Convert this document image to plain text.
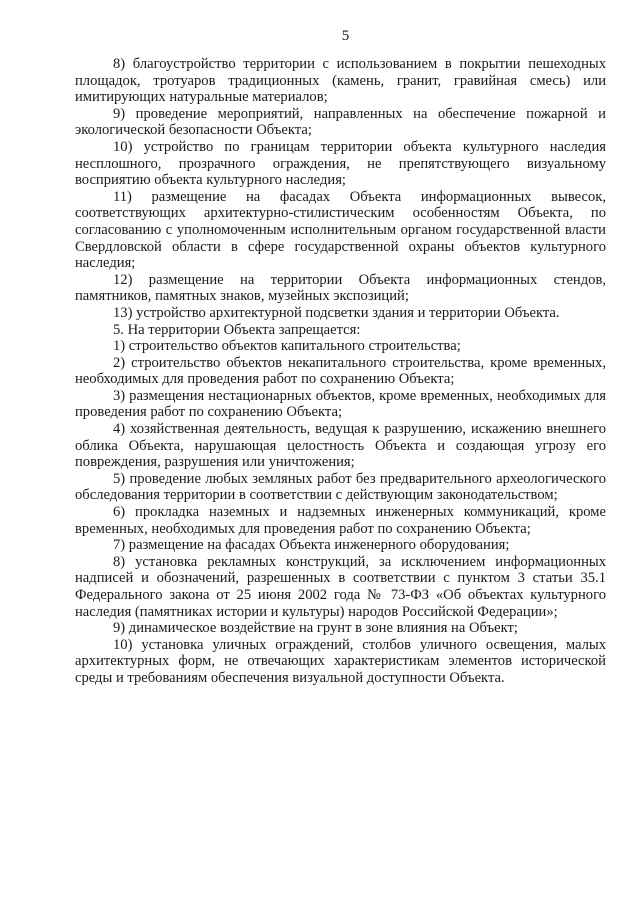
5

8) благоустройство территории с использованием в покрытии пешеходных площадок, тротуаров традиционных (камень, гранит, гравийная смесь) или имитирующих натуральные материалов;

9) проведение мероприятий, направленных на обеспечение пожарной и экологической безопасности Объекта;

10) устройство по границам территории объекта культурного наследия несплошного, прозрачного ограждения, не препятствующего визуальному восприятию объекта культурного наследия;

11) размещение на фасадах Объекта информационных вывесок, соответствующих архитектурно-стилистическим особенностям Объекта, по согласованию с уполномоченным исполнительным органом государственной власти Свердловской области в сфере государственной охраны объектов культурного наследия;

12) размещение на территории Объекта информационных стендов, памятников, памятных знаков, музейных экспозиций;

13) устройство архитектурной подсветки здания и территории Объекта.

5. На территории Объекта запрещается:

1) строительство объектов капитального строительства;

2) строительство объектов некапитального строительства, кроме временных, необходимых для проведения работ по сохранению Объекта;

3) размещения нестационарных объектов, кроме временных, необходимых для проведения работ по сохранению Объекта;

4) хозяйственная деятельность, ведущая к разрушению, искажению внешнего облика Объекта, нарушающая целостность Объекта и создающая угрозу его повреждения, разрушения или уничтожения;

5) проведение любых земляных работ без предварительного археологического обследования территории в соответствии с действующим законодательством;

6) прокладка наземных и надземных инженерных коммуникаций, кроме временных, необходимых для проведения работ по сохранению Объекта;

7) размещение на фасадах Объекта инженерного оборудования;

8) установка рекламных конструкций, за исключением информационных надписей и обозначений, разрешенных в соответствии с пунктом 3 статьи 35.1 Федерального закона от 25 июня 2002 года № 73-ФЗ «Об объектах культурного наследия (памятниках истории и культуры) народов Российской Федерации»;

9) динамическое воздействие на грунт в зоне влияния на Объект;

10) установка уличных ограждений, столбов уличного освещения, малых архитектурных форм, не отвечающих характеристикам элементов исторической среды и требованиям обеспечения визуальной доступности Объекта.
